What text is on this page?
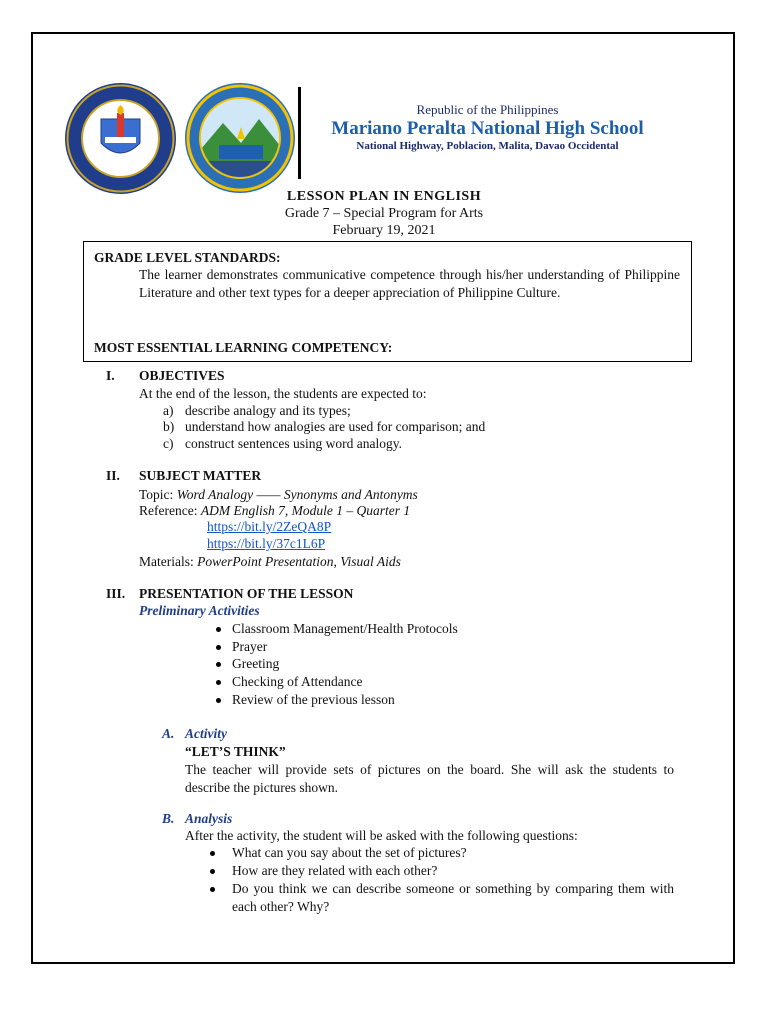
Republic of the Philippines
Mariano Peralta National High School
National Highway, Poblacion, Malita, Davao Occidental
LESSON PLAN IN ENGLISH
Grade 7 – Special Program for Arts
February 19, 2021
GRADE LEVEL STANDARDS:
The learner demonstrates communicative competence through his/her understanding of Philippine Literature and other text types for a deeper appreciation of Philippine Culture.
MOST ESSENTIAL LEARNING COMPETENCY:
I. OBJECTIVES
At the end of the lesson, the students are expected to:
a) describe analogy and its types;
b) understand how analogies are used for comparison; and
c) construct sentences using word analogy.
II. SUBJECT MATTER
Topic: Word Analogy —— Synonyms and Antonyms
Reference: ADM English 7, Module 1 – Quarter 1
https://bit.ly/2ZeQA8P
https://bit.ly/37c1L6P
Materials: PowerPoint Presentation, Visual Aids
III. PRESENTATION OF THE LESSON
Preliminary Activities
Classroom Management/Health Protocols
Prayer
Greeting
Checking of Attendance
Review of the previous lesson
A. Activity
“LET’S THINK”
The teacher will provide sets of pictures on the board. She will ask the students to describe the pictures shown.
B. Analysis
After the activity, the student will be asked with the following questions:
What can you say about the set of pictures?
How are they related with each other?
Do you think we can describe someone or something by comparing them with each other? Why?
